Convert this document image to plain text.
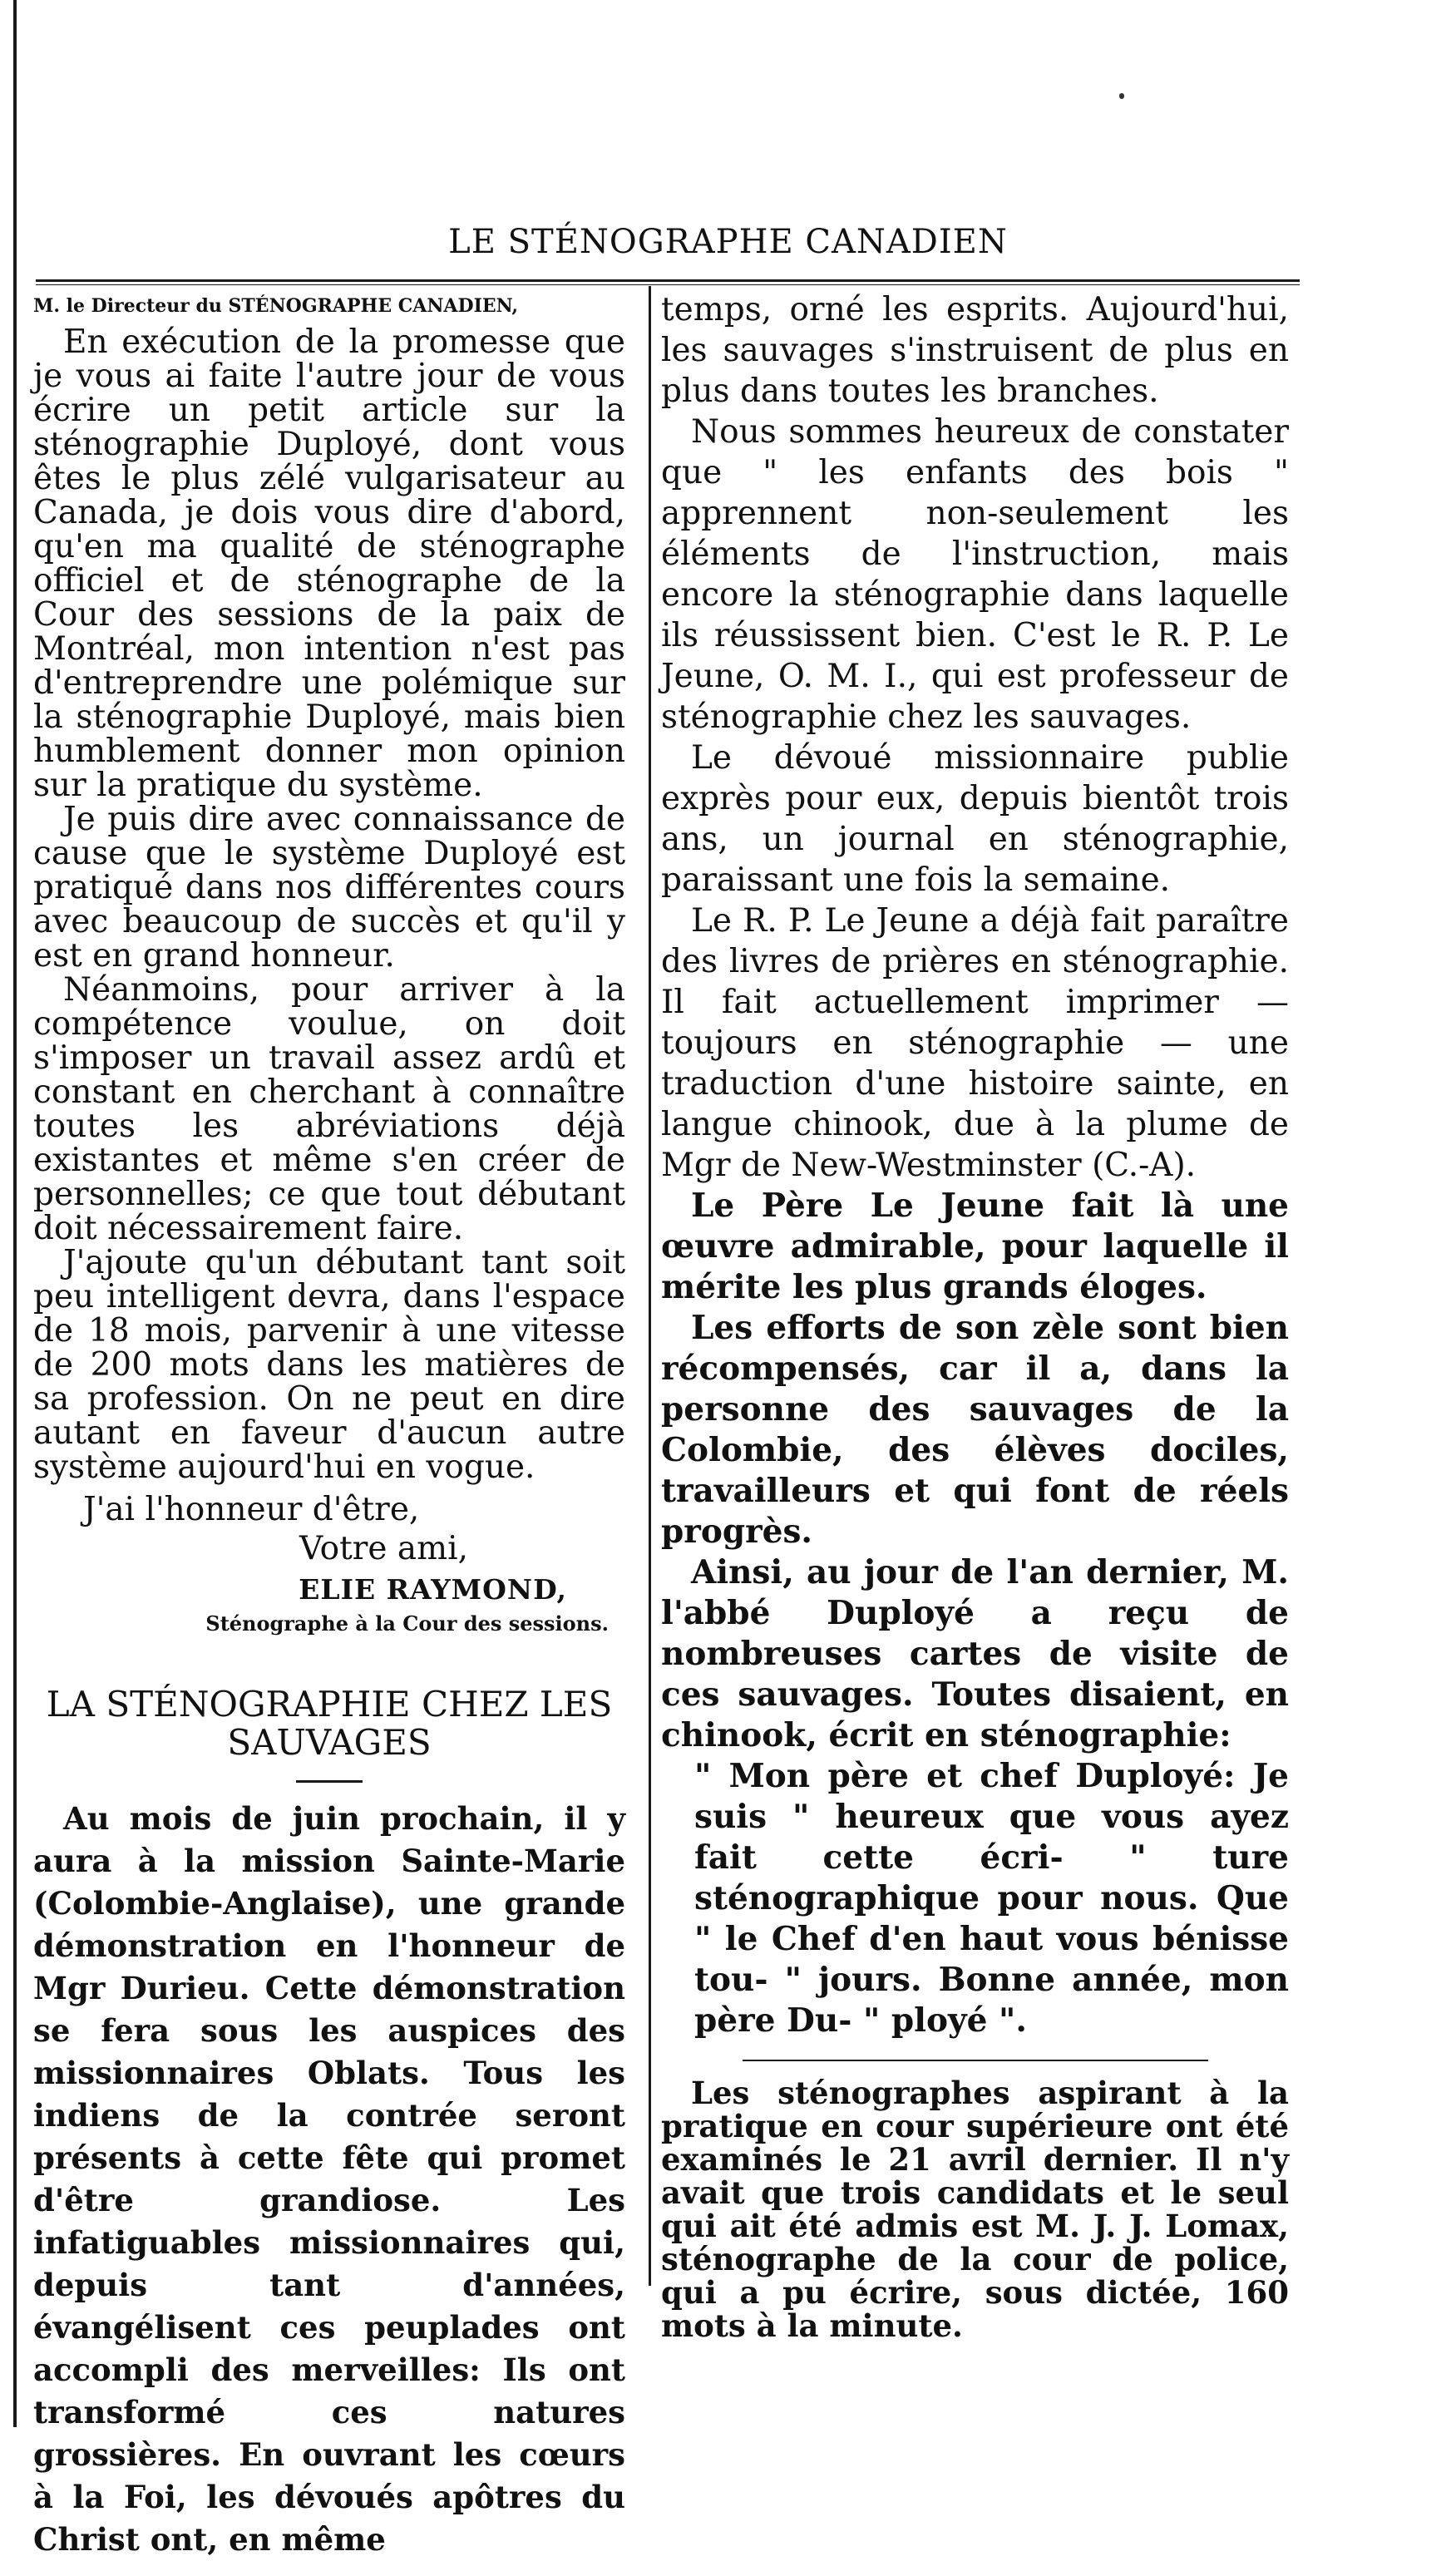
LE STÉNOGRAPHE CANADIEN

M. le Directeur du STÉNOGRAPHE CANADIEN,

En exécution de la promesse que je vous ai faite l'autre jour de vous écrire un petit article sur la sténographie Duployé, dont vous êtes le plus zélé vulgarisateur au Canada, je dois vous dire d'abord, qu'en ma qualité de sténographe officiel et de sténographe de la Cour des sessions de la paix de Montréal, mon intention n'est pas d'entreprendre une polémique sur la sténographie Duployé, mais bien humblement donner mon opinion sur la pratique du système.

Je puis dire avec connaissance de cause que le système Duployé est pratiqué dans nos différentes cours avec beaucoup de succès et qu'il y est en grand honneur.

Néanmoins, pour arriver à la compétence voulue, on doit s'imposer un travail assez ardû et constant en cherchant à connaître toutes les abréviations déjà existantes et même s'en créer de personnelles; ce que tout débutant doit nécessairement faire.

J'ajoute qu'un débutant tant soit peu intelligent devra, dans l'espace de 18 mois, parvenir à une vitesse de 200 mots dans les matières de sa profession. On ne peut en dire autant en faveur d'aucun autre système aujourd'hui en vogue.

J'ai l'honneur d'être,

Votre ami,

ELIE RAYMOND,

Sténographe à la Cour des sessions.

LA STÉNOGRAPHIE CHEZ LES SAUVAGES

Au mois de juin prochain, il y aura à la mission Sainte-Marie (Colombie-Anglaise), une grande démonstration en l'honneur de Mgr Durieu. Cette démonstration se fera sous les auspices des missionnaires Oblats. Tous les indiens de la contrée seront présents à cette fête qui promet d'être grandiose. Les infatiguables missionnaires qui, depuis tant d'années, évangélisent ces peuplades ont accompli des merveilles: Ils ont transformé ces natures grossières. En ouvrant les cœurs à la Foi, les dévoués apôtres du Christ ont, en même

temps, orné les esprits. Aujourd'hui, les sauvages s'instruisent de plus en plus dans toutes les branches.

Nous sommes heureux de constater que " les enfants des bois " apprennent non-seulement les éléments de l'instruction, mais encore la sténographie dans laquelle ils réussissent bien. C'est le R. P. Le Jeune, O. M. I., qui est professeur de sténographie chez les sauvages.

Le dévoué missionnaire publie exprès pour eux, depuis bientôt trois ans, un journal en sténographie, paraissant une fois la semaine.

Le R. P. Le Jeune a déjà fait paraître des livres de prières en sténographie. Il fait actuellement imprimer — toujours en sténographie — une traduction d'une histoire sainte, en langue chinook, due à la plume de Mgr de New-Westminster (C.-A).

Le Père Le Jeune fait là une œuvre admirable, pour laquelle il mérite les plus grands éloges.

Les efforts de son zèle sont bien récompensés, car il a, dans la personne des sauvages de la Colombie, des élèves dociles, travailleurs et qui font de réels progrès.

Ainsi, au jour de l'an dernier, M. l'abbé Duployé a reçu de nombreuses cartes de visite de ces sauvages. Toutes disaient, en chinook, écrit en sténographie:

" Mon père et chef Duployé: Je suis " heureux que vous ayez fait cette écri- " ture sténographique pour nous. Que " le Chef d'en haut vous bénisse tou- " jours. Bonne année, mon père Du- " ployé ".

Les sténographes aspirant à la pratique en cour supérieure ont été examinés le 21 avril dernier. Il n'y avait que trois candidats et le seul qui ait été admis est M. J. J. Lomax, sténographe de la cour de police, qui a pu écrire, sous dictée, 160 mots à la minute.
